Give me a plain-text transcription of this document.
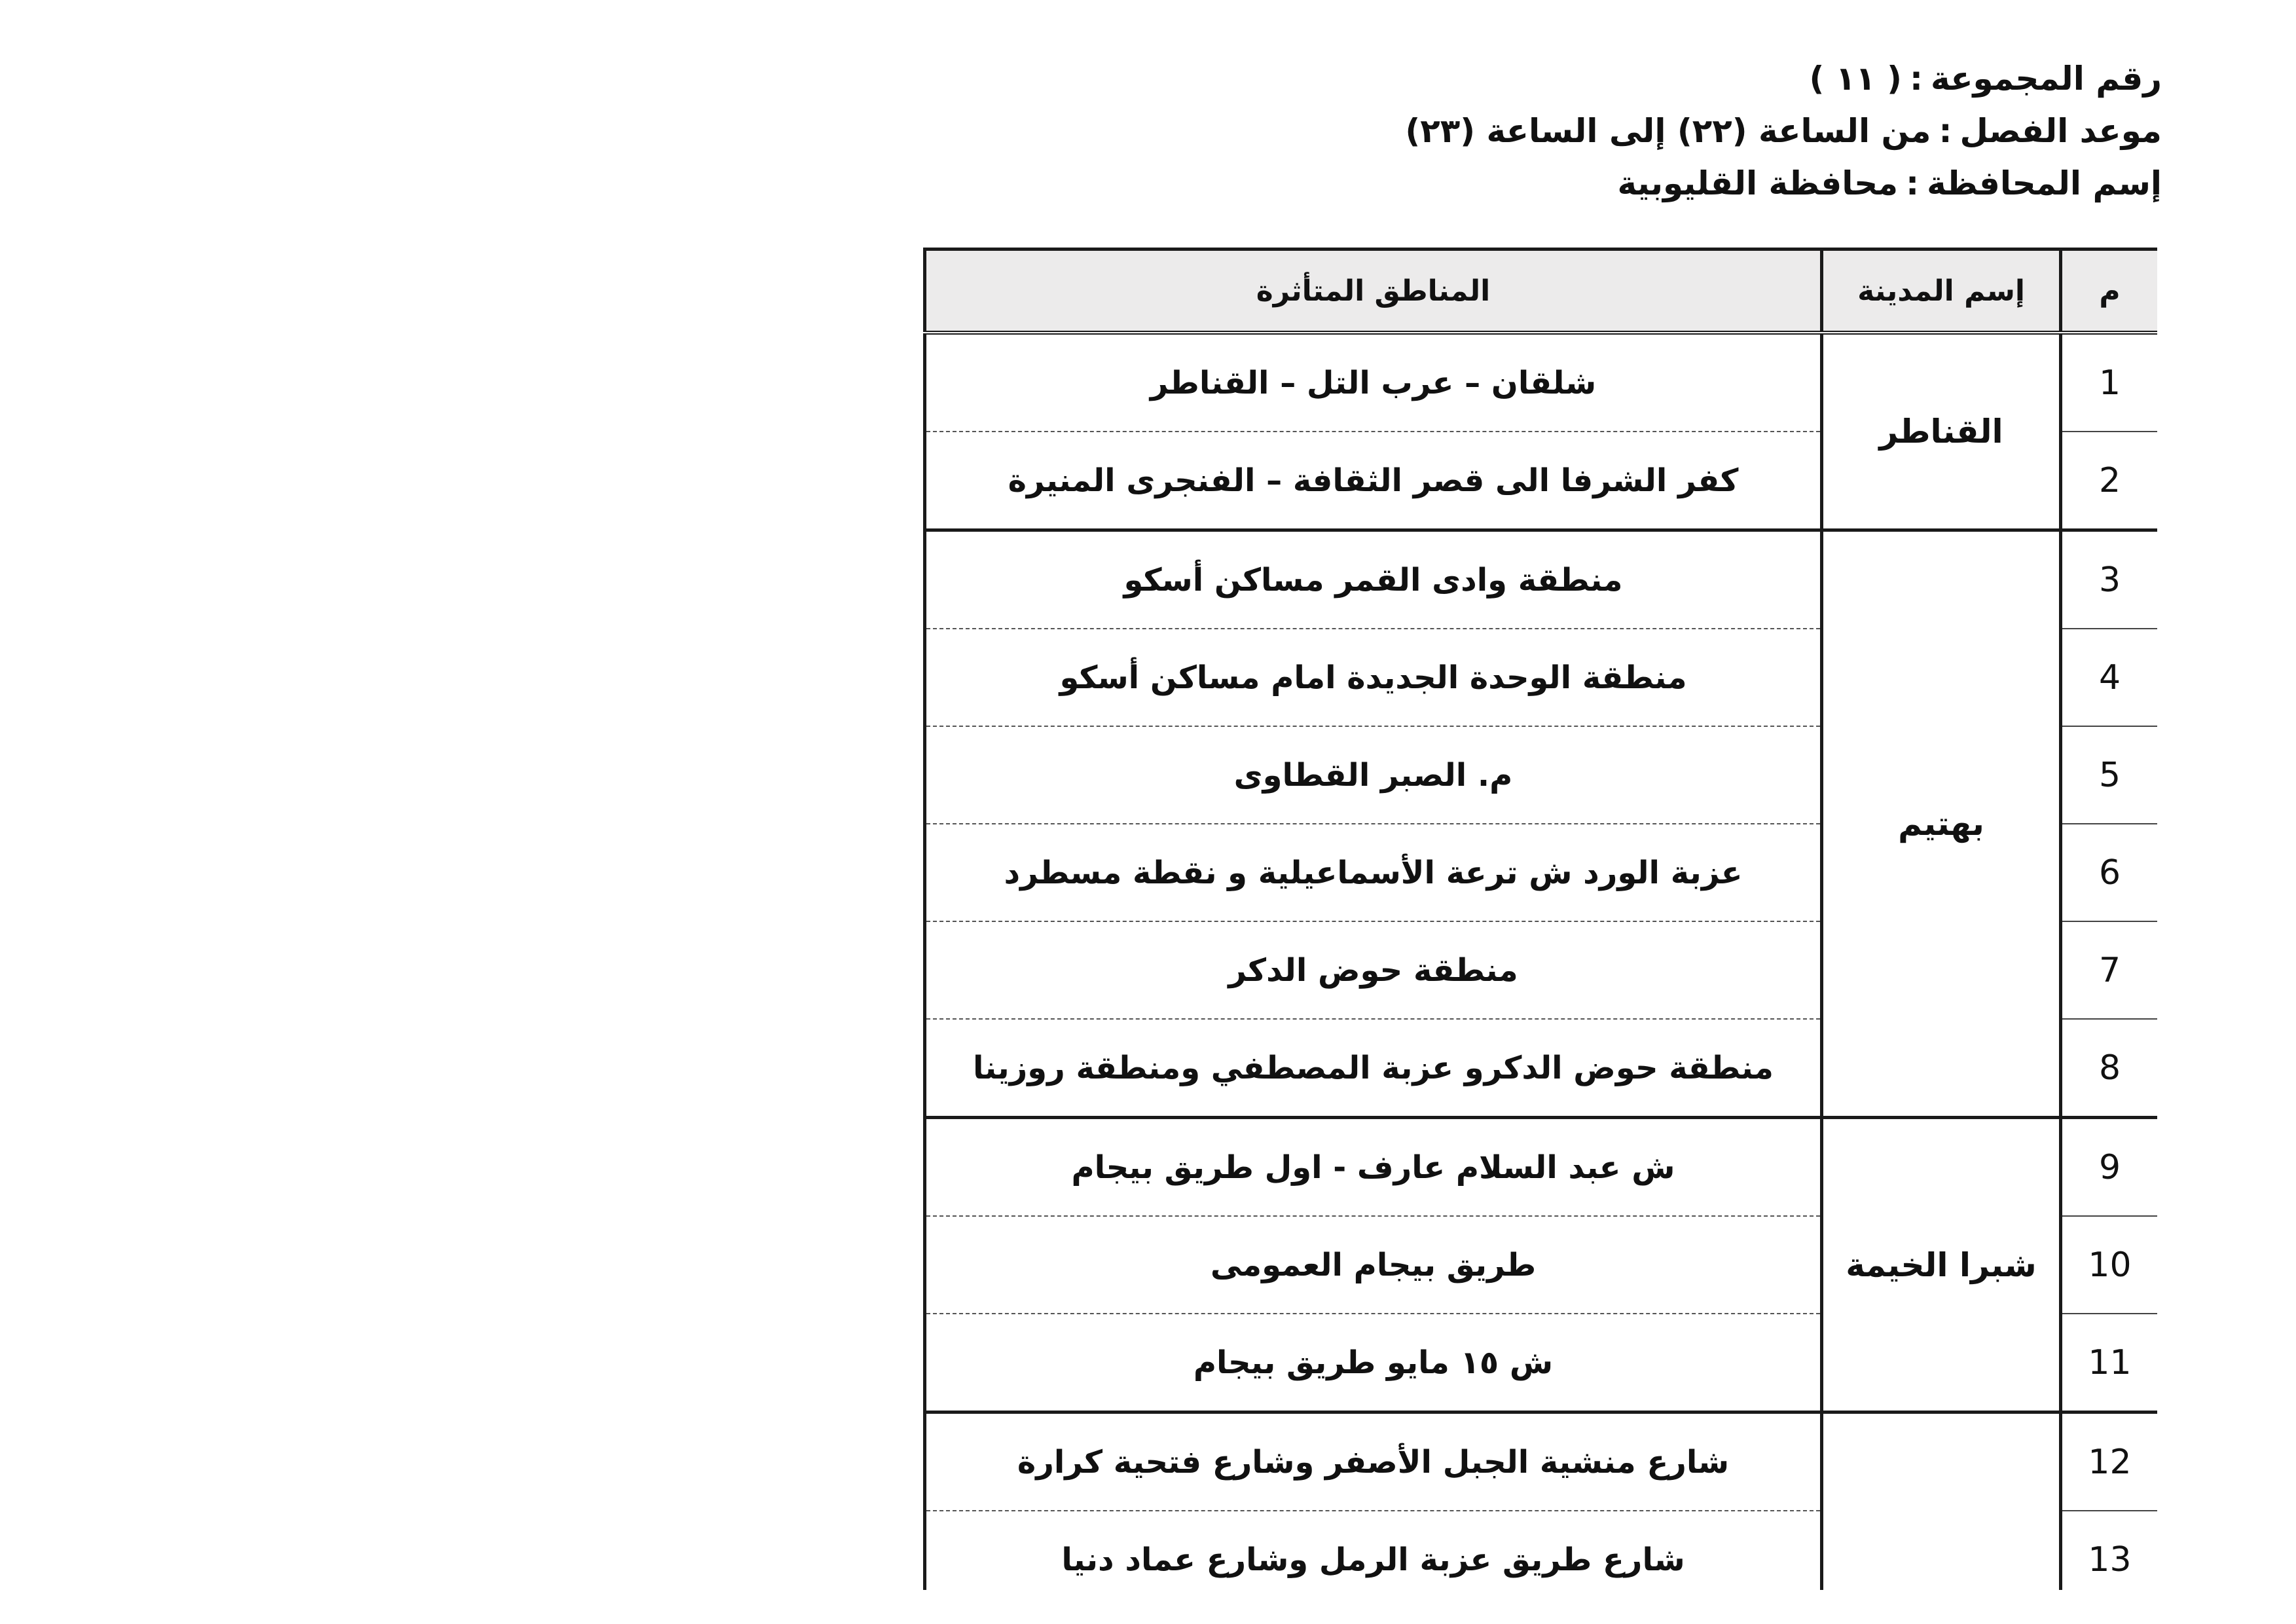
رقم المجموعة:( ١١ )
موعد الفصل:من الساعة (٢٢) إلى الساعة (٢٣)
إسم المحافظة:محافظة القليوبية
م	إسم المدينة	المناطق المتأثرة
1	القناطر	شلقان – عرب التل – القناطر
2		كفر الشرفا الى قصر الثقافة – الفنجرى المنيرة
3	بهتيم	منطقة وادى القمر مساكن أسكو
4		منطقة الوحدة الجديدة امام مساكن أسكو
5		م. الصبر القطاوى
6		عزبة الورد ش ترعة الأسماعيلية و نقطة مسطرد
7		منطقة حوض الدكر
8		منطقة حوض الدكرو عزبة المصطفي ومنطقة روزينا
9	شبرا الخيمة	ش عبد السلام عارف - اول طريق بيجام
10		طريق بيجام العمومى
11		ش ١٥ مايو طريق بيجام
12		شارع منشية الجبل الأصفر وشارع فتحية كرارة
13		شارع طريق عزبة الرمل وشارع عماد دنيا
